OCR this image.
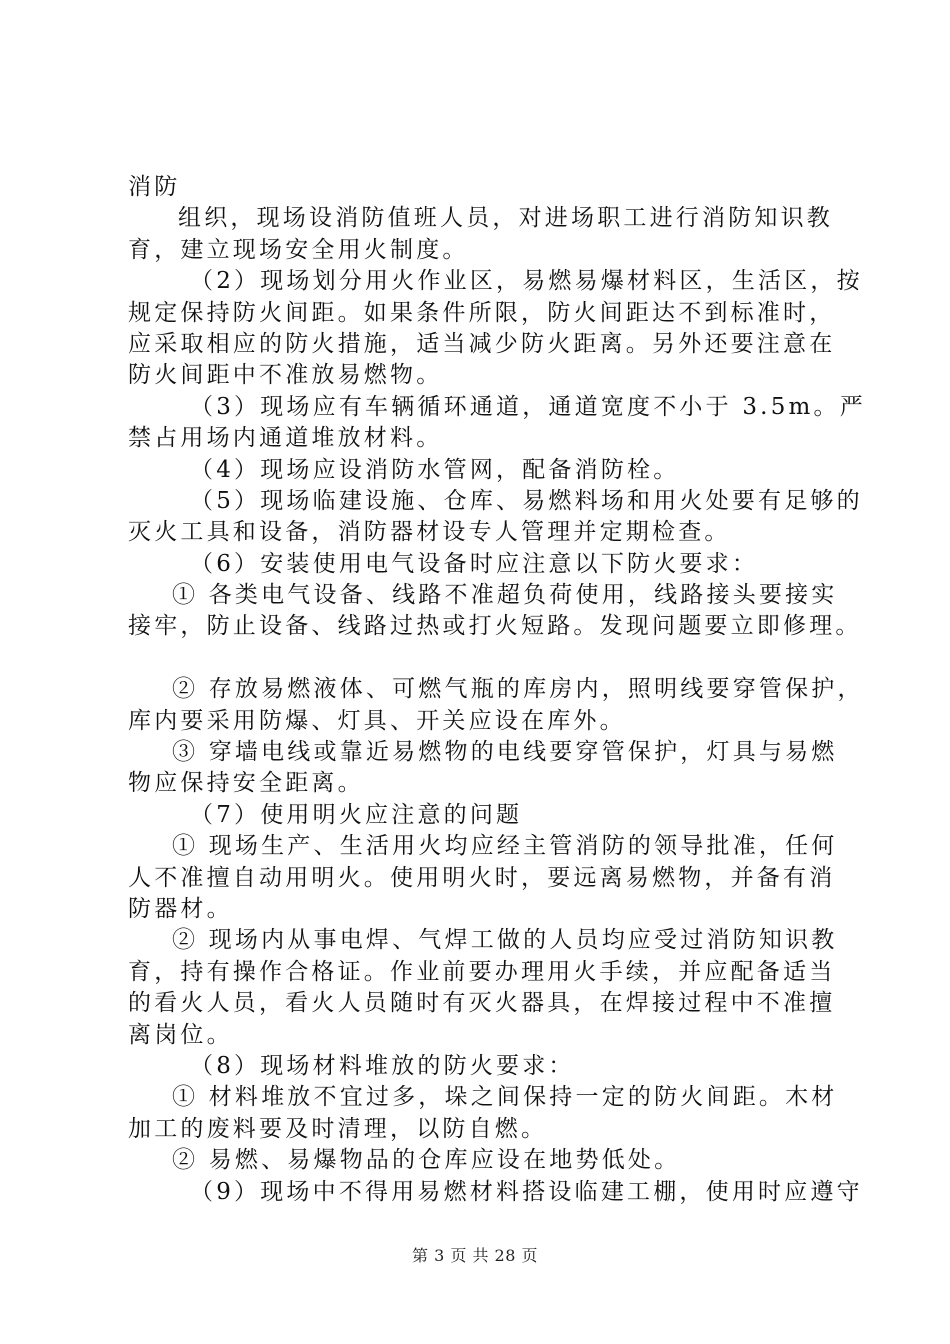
消防
组织，现场设消防值班人员，对进场职工进行消防知识教
育，建立现场安全用火制度。
（2）现场划分用火作业区，易燃易爆材料区，生活区，按
规定保持防火间距。如果条件所限，防火间距达不到标准时，
应采取相应的防火措施，适当减少防火距离。另外还要注意在
防火间距中不准放易燃物。
（3）现场应有车辆循环通道，通道宽度不小于 3.5m。严
禁占用场内通道堆放材料。
（4）现场应设消防水管网，配备消防栓。
（5）现场临建设施、仓库、易燃料场和用火处要有足够的
灭火工具和设备，消防器材设专人管理并定期检查。
（6）安装使用电气设备时应注意以下防火要求：
① 各类电气设备、线路不准超负荷使用，线路接头要接实
接牢，防止设备、线路过热或打火短路。发现问题要立即修理。
② 存放易燃液体、可燃气瓶的库房内，照明线要穿管保护，
库内要采用防爆、灯具、开关应设在库外。
③ 穿墙电线或靠近易燃物的电线要穿管保护，灯具与易燃
物应保持安全距离。
（7）使用明火应注意的问题
① 现场生产、生活用火均应经主管消防的领导批准，任何
人不准擅自动用明火。使用明火时，要远离易燃物，并备有消
防器材。
② 现场内从事电焊、气焊工做的人员均应受过消防知识教
育，持有操作合格证。作业前要办理用火手续，并应配备适当
的看火人员，看火人员随时有灭火器具，在焊接过程中不准擅
离岗位。
（8）现场材料堆放的防火要求：
① 材料堆放不宜过多，垛之间保持一定的防火间距。木材
加工的废料要及时清理，以防自燃。
② 易燃、易爆物品的仓库应设在地势低处。
（9）现场中不得用易燃材料搭设临建工棚，使用时应遵守
第 3 页 共 28 页
